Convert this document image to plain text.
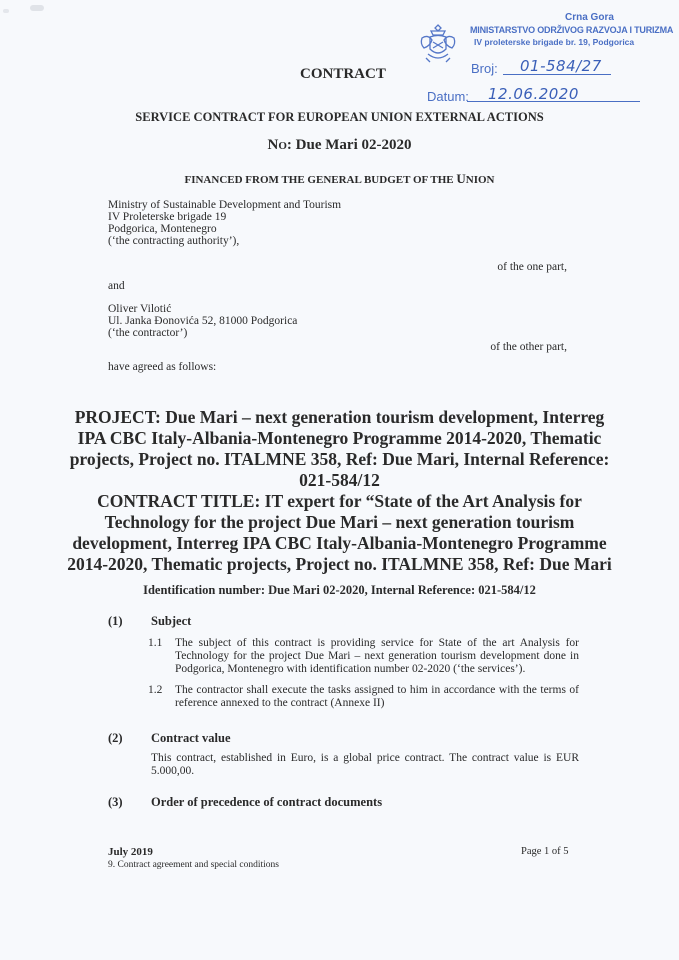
Crna Gora
MINISTARSTVO ODRŽIVOG RAZVOJA I TURIZMA
IV proleterske brigade br. 19, Podgorica
Broj: 01-584/27
Datum: 12.06.2020
CONTRACT
SERVICE CONTRACT FOR EUROPEAN UNION EXTERNAL ACTIONS
NO: Due Mari 02-2020
FINANCED FROM THE GENERAL BUDGET OF THE UNION
Ministry of Sustainable Development and Tourism
IV Proleterske brigade 19
Podgorica, Montenegro
(‘the contracting authority’),
of the one part,
and
Oliver Vilotić
Ul. Janka Đonovića 52, 81000 Podgorica
(‘the contractor’)
of the other part,
have agreed as follows:
PROJECT: Due Mari – next generation tourism development, Interreg
IPA CBC Italy-Albania-Montenegro Programme 2014-2020, Thematic
projects, Project no. ITALMNE 358, Ref: Due Mari, Internal Reference:
021-584/12
CONTRACT TITLE: IT expert for “State of the Art Analysis for
Technology for the project Due Mari – next generation tourism
development, Interreg IPA CBC Italy-Albania-Montenegro Programme
2014-2020, Thematic projects, Project no. ITALMNE 358, Ref: Due Mari
Identification number: Due Mari 02-2020, Internal Reference: 021-584/12
(1) Subject
1.1 The subject of this contract is providing service for State of the art Analysis for Technology for the project Due Mari – next generation tourism development done in Podgorica, Montenegro with identification number 02-2020 (‘the services’).
1.2 The contractor shall execute the tasks assigned to him in accordance with the terms of reference annexed to the contract (Annexe II)
(2) Contract value
This contract, established in Euro, is a global price contract. The contract value is EUR 5.000,00.
(3) Order of precedence of contract documents
July 2019
9. Contract agreement and special conditions
Page 1 of 5
